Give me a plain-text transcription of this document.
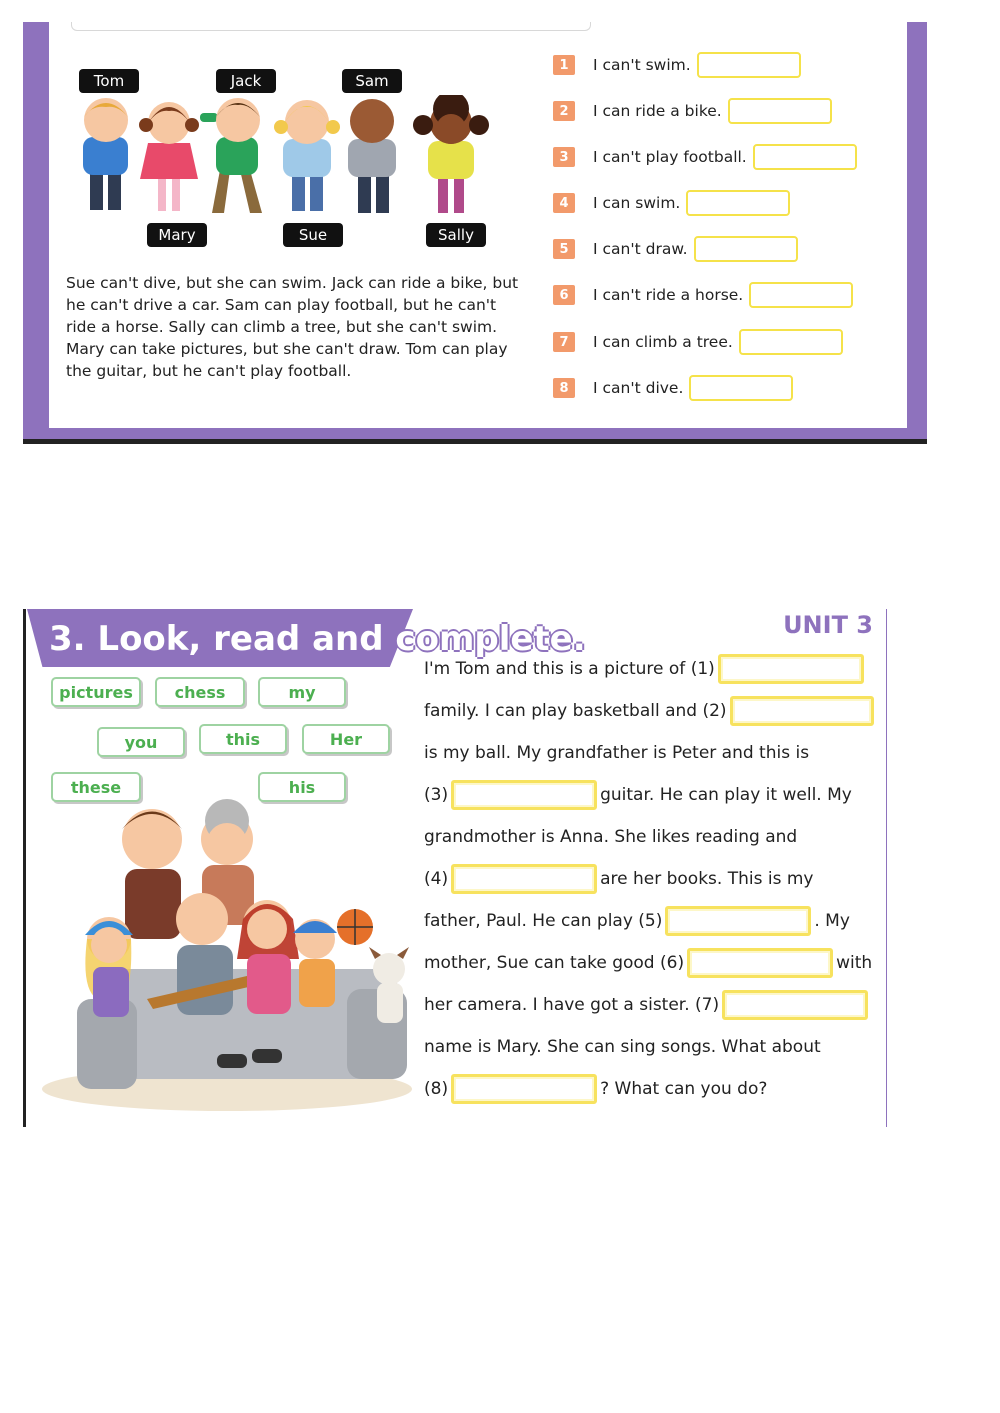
Tom	Jack	Sam
Mary	Sue	Sally
Sue can't dive, but she can swim. Jack can ride a bike, but he can't drive a car. Sam can play football, but he can't ride a horse. Sally can climb a tree, but she can't swim. Mary can take pictures, but she can't draw. Tom can play the guitar, but he can't play football.
1	I can't swim.
2	I can ride a bike.
3	I can't play football.
4	I can swim.
5	I can't draw.
6	I can't ride a horse.
7	I can climb a tree.
8	I can't dive.
3. Look, read and complete.	UNIT 3
pictures	chess	my
you	this	Her
these	his
I'm Tom and this is a picture of (1)
family. I can play basketball and (2)
is my ball. My grandfather is Peter and this is
(3)	guitar. He can play it well. My
grandmother is Anna. She likes reading and
(4)	are her books. This is my
father, Paul. He can play (5)	. My
mother, Sue can take good (6)	with
her camera. I have got a sister. (7)
name is Mary. She can sing songs. What about
(8)	? What can you do?
